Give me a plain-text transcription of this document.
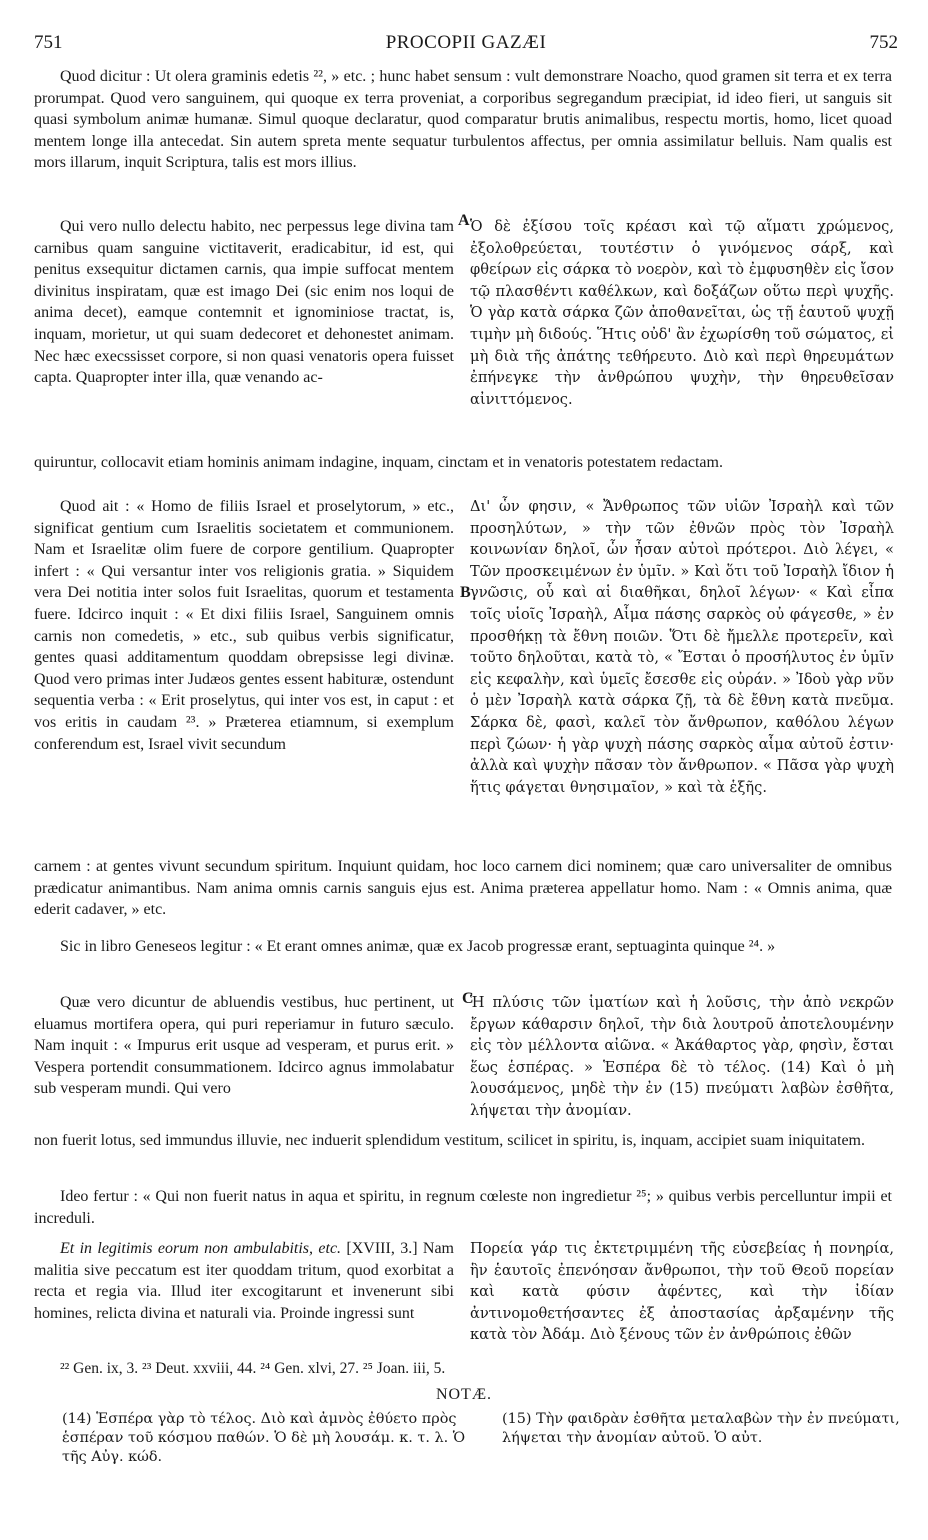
751	PROCOPII GAZÆI	752

Quod dicitur : Ut olera graminis edetis ²², » etc. ; hunc habet sensum : vult demonstrare Noacho, quod gramen sit terra et ex terra prorumpat. Quod vero sanguinem, qui quoque ex terra proveniat, a corporibus segregandum præcipiat, id ideo fieri, ut sanguis sit quasi symbolum animæ humanæ. Simul quoque declaratur, quod comparatur brutis animalibus, respectu mortis, homo, licet quoad mentem longe illa antecedat. Sin autem spreta mente sequatur turbulentos affectus, per omnia assimilatur belluis. Nam qualis est mors illarum, inquit Scriptura, talis est mors illius.

A

Qui vero nullo delectu habito, nec perpessus lege divina tam carnibus quam sanguine victitaverit, eradicabitur, id est, qui penitus exsequitur dictamen carnis, qua impie suffocat mentem divinitus inspiratam, quæ est imago Dei (sic enim nos loqui de anima decet), eamque contemnit et ignominiose tractat, is, inquam, morietur, ut qui suam dedecoret et dehonestet animam. Nec hæc execssisset corpore, si non quasi venatoris opera fuisset capta. Quapropter inter illa, quæ venando ac-

Ὁ δὲ ἐξίσου τοῖς κρέασι καὶ τῷ αἵματι χρώμενος, ἐξολοθρεύεται, τουτέστιν ὁ γινόμενος σάρξ, καὶ φθείρων εἰς σάρκα τὸ νοερὸν, καὶ τὸ ἐμφυσηθὲν εἰς ἴσον τῷ πλασθέντι καθέλκων, καὶ δοξάζων οὕτω περὶ ψυχῆς. Ὁ γὰρ κατὰ σάρκα ζῶν ἀποθανεῖται, ὡς τῇ ἑαυτοῦ ψυχῇ τιμὴν μὴ διδούς. Ἥτις οὐδ' ἂν ἐχωρίσθη τοῦ σώματος, εἰ μὴ διὰ τῆς ἀπάτης τεθήρευτο. Διὸ καὶ περὶ θηρευμάτων ἐπήνεγκε τὴν ἀνθρώπου ψυχὴν, τὴν θηρευθεῖσαν αἰνιττόμενος.

quiruntur, collocavit etiam hominis animam indagine, inquam, cinctam et in venatoris potestatem redactam.

B

Quod ait : « Homo de filiis Israel et proselytorum, » etc., significat gentium cum Israelitis societatem et communionem. Nam et Israelitæ olim fuere de corpore gentilium. Quapropter infert : « Qui versantur inter vos religionis gratia. » Siquidem vera Dei notitia inter solos fuit Israelitas, quorum et testamenta fuere. Idcirco inquit : « Et dixi filiis Israel, Sanguinem omnis carnis non comedetis, » etc., sub quibus verbis significatur, gentes quasi additamentum quoddam obrepsisse legi divinæ. Quod vero primas inter Judæos gentes essent habituræ, ostendunt sequentia verba : « Erit proselytus, qui inter vos est, in caput : et vos eritis in caudam ²³. » Præterea etiamnum, si exemplum conferendum est, Israel vivit secundum

Δι' ὧν φησιν, « Ἄνθρωπος τῶν υἱῶν Ἰσραὴλ καὶ τῶν προσηλύτων, » τὴν τῶν ἐθνῶν πρὸς τὸν Ἰσραὴλ κοινωνίαν δηλοῖ, ὧν ἦσαν αὐτοὶ πρότεροι. Διὸ λέγει, « Τῶν προσκειμένων ἐν ὑμῖν. » Καὶ ὅτι τοῦ Ἰσραὴλ ἴδιον ἡ γνῶσις, οὗ καὶ αἱ διαθῆκαι, δηλοῖ λέγων· « Καὶ εἶπα τοῖς υἱοῖς Ἰσραὴλ, Αἷμα πάσης σαρκὸς οὐ φάγεσθε, » ἐν προσθήκῃ τὰ ἔθνη ποιῶν. Ὅτι δὲ ἤμελλε προτερεῖν, καὶ τοῦτο δηλοῦται, κατὰ τὸ, « Ἔσται ὁ προσήλυτος ἐν ὑμῖν εἰς κεφαλὴν, καὶ ὑμεῖς ἔσεσθε εἰς οὐράν. » Ἰδοὺ γὰρ νῦν ὁ μὲν Ἰσραὴλ κατὰ σάρκα ζῇ, τὰ δὲ ἔθνη κατὰ πνεῦμα. Σάρκα δὲ, φασὶ, καλεῖ τὸν ἄνθρωπον, καθόλου λέγων περὶ ζώων· ἡ γὰρ ψυχὴ πάσης σαρκὸς αἷμα αὐτοῦ ἐστιν· ἀλλὰ καὶ ψυχὴν πᾶσαν τὸν ἄνθρωπον. « Πᾶσα γὰρ ψυχὴ ἥτις φάγεται θνησιμαῖον, » καὶ τὰ ἑξῆς.

carnem : at gentes vivunt secundum spiritum. Inquiunt quidam, hoc loco carnem dici nominem; quæ caro universaliter de omnibus prædicatur animantibus. Nam anima omnis carnis sanguis ejus est. Anima præterea appellatur homo. Nam : « Omnis anima, quæ ederit cadaver, » etc.

Sic in libro Geneseos legitur : « Et erant omnes animæ, quæ ex Jacob progressæ erant, septuaginta quinque ²⁴. »

C

Quæ vero dicuntur de abluendis vestibus, huc pertinent, ut eluamus mortifera opera, qui puri reperiamur in futuro sæculo. Nam inquit : « Impurus erit usque ad vesperam, et purus erit. » Vespera portendit consummationem. Idcirco agnus immolabatur sub vesperam mundi. Qui vero

Ἡ πλύσις τῶν ἱματίων καὶ ἡ λοῦσις, τὴν ἀπὸ νεκρῶν ἔργων κάθαρσιν δηλοῖ, τὴν διὰ λουτροῦ ἀποτελουμένην εἰς τὸν μέλλοντα αἰῶνα. « Ἀκάθαρτος γὰρ, φησὶν, ἔσται ἕως ἑσπέρας. » Ἑσπέρα δὲ τὸ τέλος. (14) Καὶ ὁ μὴ λουσάμενος, μηδὲ τὴν ἐν (15) πνεύματι λαβὼν ἐσθῆτα, λήψεται τὴν ἀνομίαν.

non fuerit lotus, sed immundus illuvie, nec induerit splendidum vestitum, scilicet in spiritu, is, inquam, accipiet suam iniquitatem.

Ideo fertur : « Qui non fuerit natus in aqua et spiritu, in regnum cœleste non ingredietur ²⁵; » quibus verbis percelluntur impii et increduli.

Et in legitimis eorum non ambulabitis, etc. [XVIII, 3.] Nam malitia sive peccatum est iter quoddam tritum, quod exorbitat a recta et regia via. Illud iter excogitarunt et invenerunt sibi homines, relicta divina et naturali via. Proinde ingressi sunt

Πορεία γάρ τις ἐκτετριμμένη τῆς εὐσεβείας ἡ πονηρία, ἣν ἑαυτοῖς ἐπενόησαν ἄνθρωποι, τὴν τοῦ Θεοῦ πορείαν καὶ κατὰ φύσιν ἀφέντες, καὶ τὴν ἰδίαν ἀντινομοθετήσαντες ἐξ ἀποστασίας ἀρξαμένην τῆς κατὰ τὸν Ἀδάμ. Διὸ ξένους τῶν ἐν ἀνθρώποις ἐθῶν

²² Gen. ix, 3. ²³ Deut. xxviii, 44. ²⁴ Gen. xlvi, 27. ²⁵ Joan. iii, 5.
NOTÆ.
(14) Ἑσπέρα γὰρ τὸ τέλος. Διὸ καὶ ἀμνὸς ἐθύετο πρὸς ἑσπέραν τοῦ κόσμου παθών. Ὁ δὲ μὴ λουσάμ. κ. τ. λ. Ὁ τῆς Αὐγ. κώδ.
(15) Τὴν φαιδρὰν ἐσθῆτα μεταλαβὼν τὴν ἐν πνεύματι, λήψεται τὴν ἀνομίαν αὐτοῦ. Ὁ αὐτ.
